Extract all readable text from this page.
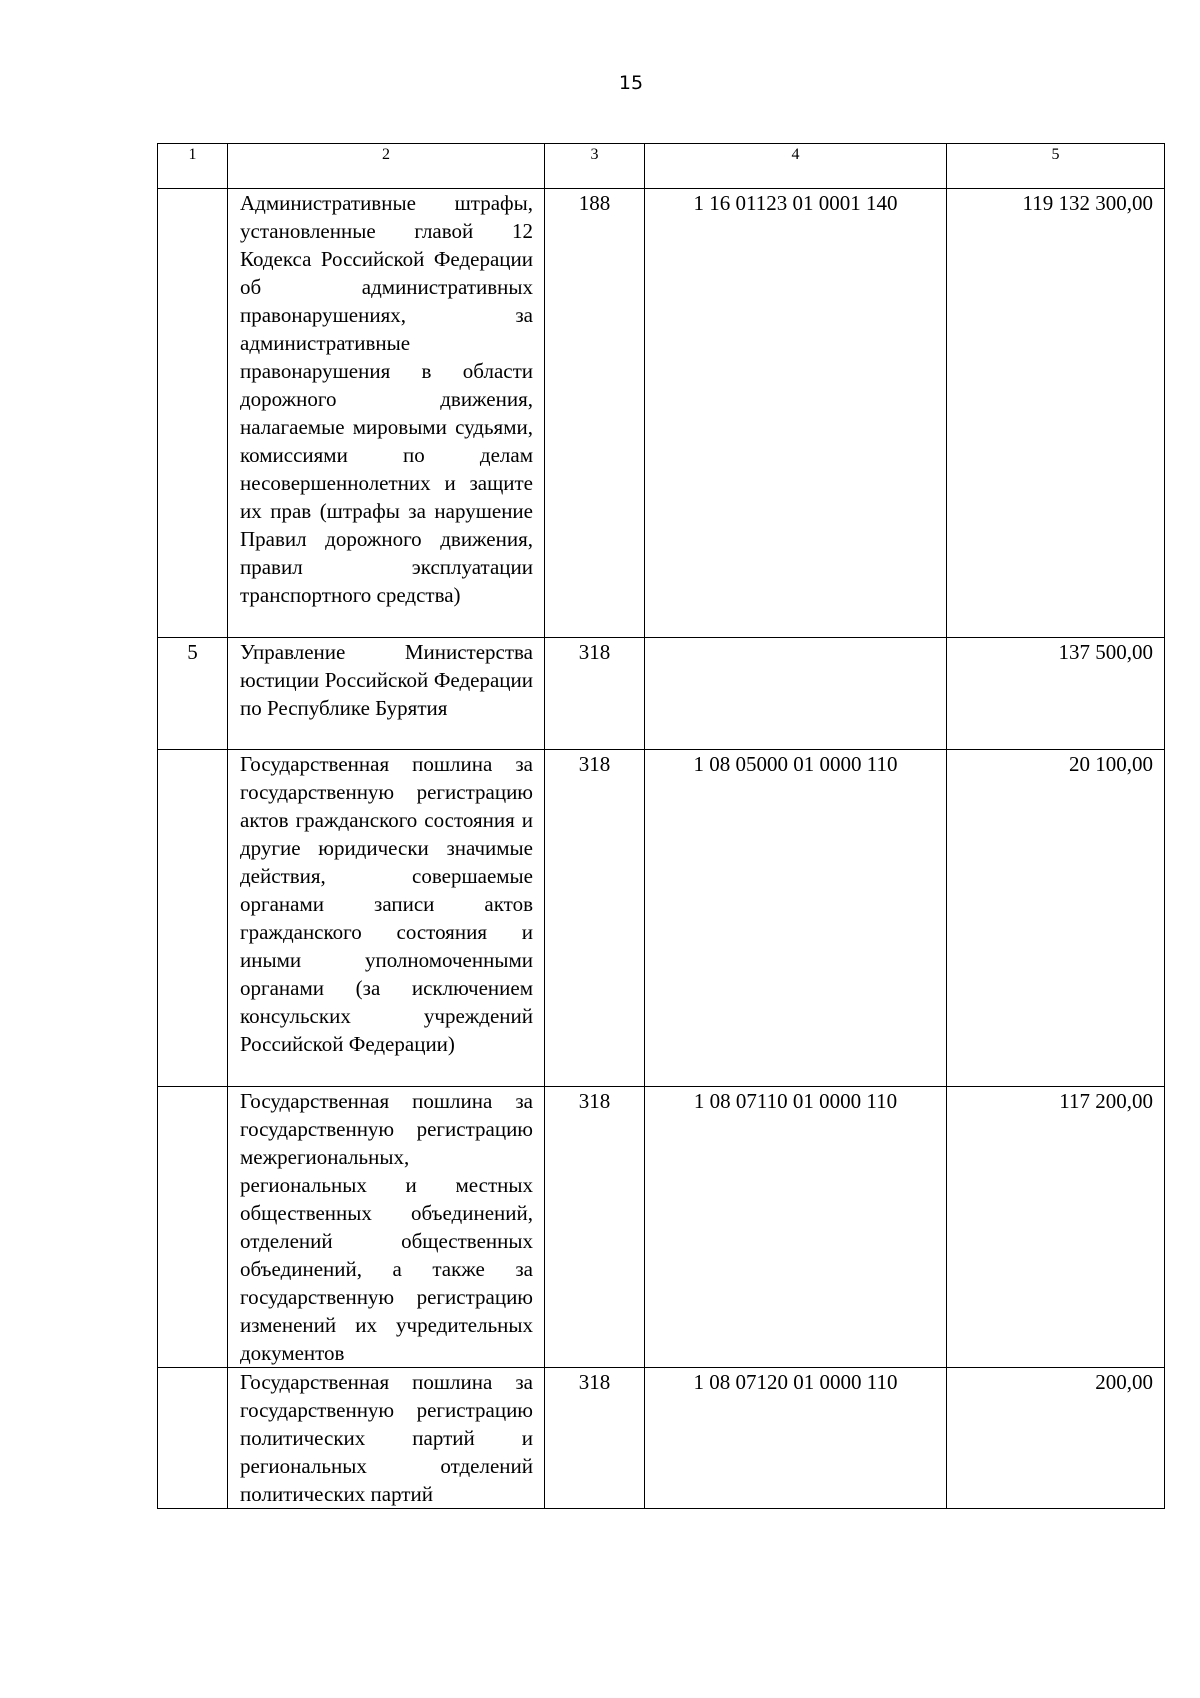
15
1	2	3	4	5

	Административные штрафы, установленные главой 12 Кодекса Российской Федерации об административных правонарушениях, за административные правонарушения в области дорожного движения, налагаемые мировыми судьями, комиссиями по делам несовершеннолетних и защите их прав (штрафы за нарушение Правил дорожного движения, правил эксплуатации транспортного средства)	188	1 16 01123 01 0001 140	119 132 300,00
5	Управление Министерства юстиции Российской Федерации по Республике Бурятия	318		137 500,00

	Государственная пошлина за государственную регистрацию актов гражданского состояния и другие юридически значимые действия, совершаемые органами записи актов гражданского состояния и иными уполномоченными органами (за исключением консульских учреждений Российской Федерации)	318	1 08 05000 01 0000 110	20 100,00

	Государственная пошлина за государственную регистрацию межрегиональных, региональных и местных общественных объединений, отделений общественных объединений, а также за государственную регистрацию изменений их учредительных документов	318	1 08 07110 01 0000 110	117 200,00

	Государственная пошлина за государственную регистрацию политических партий и региональных отделений политических партий	318	1 08 07120 01 0000 110	200,00
